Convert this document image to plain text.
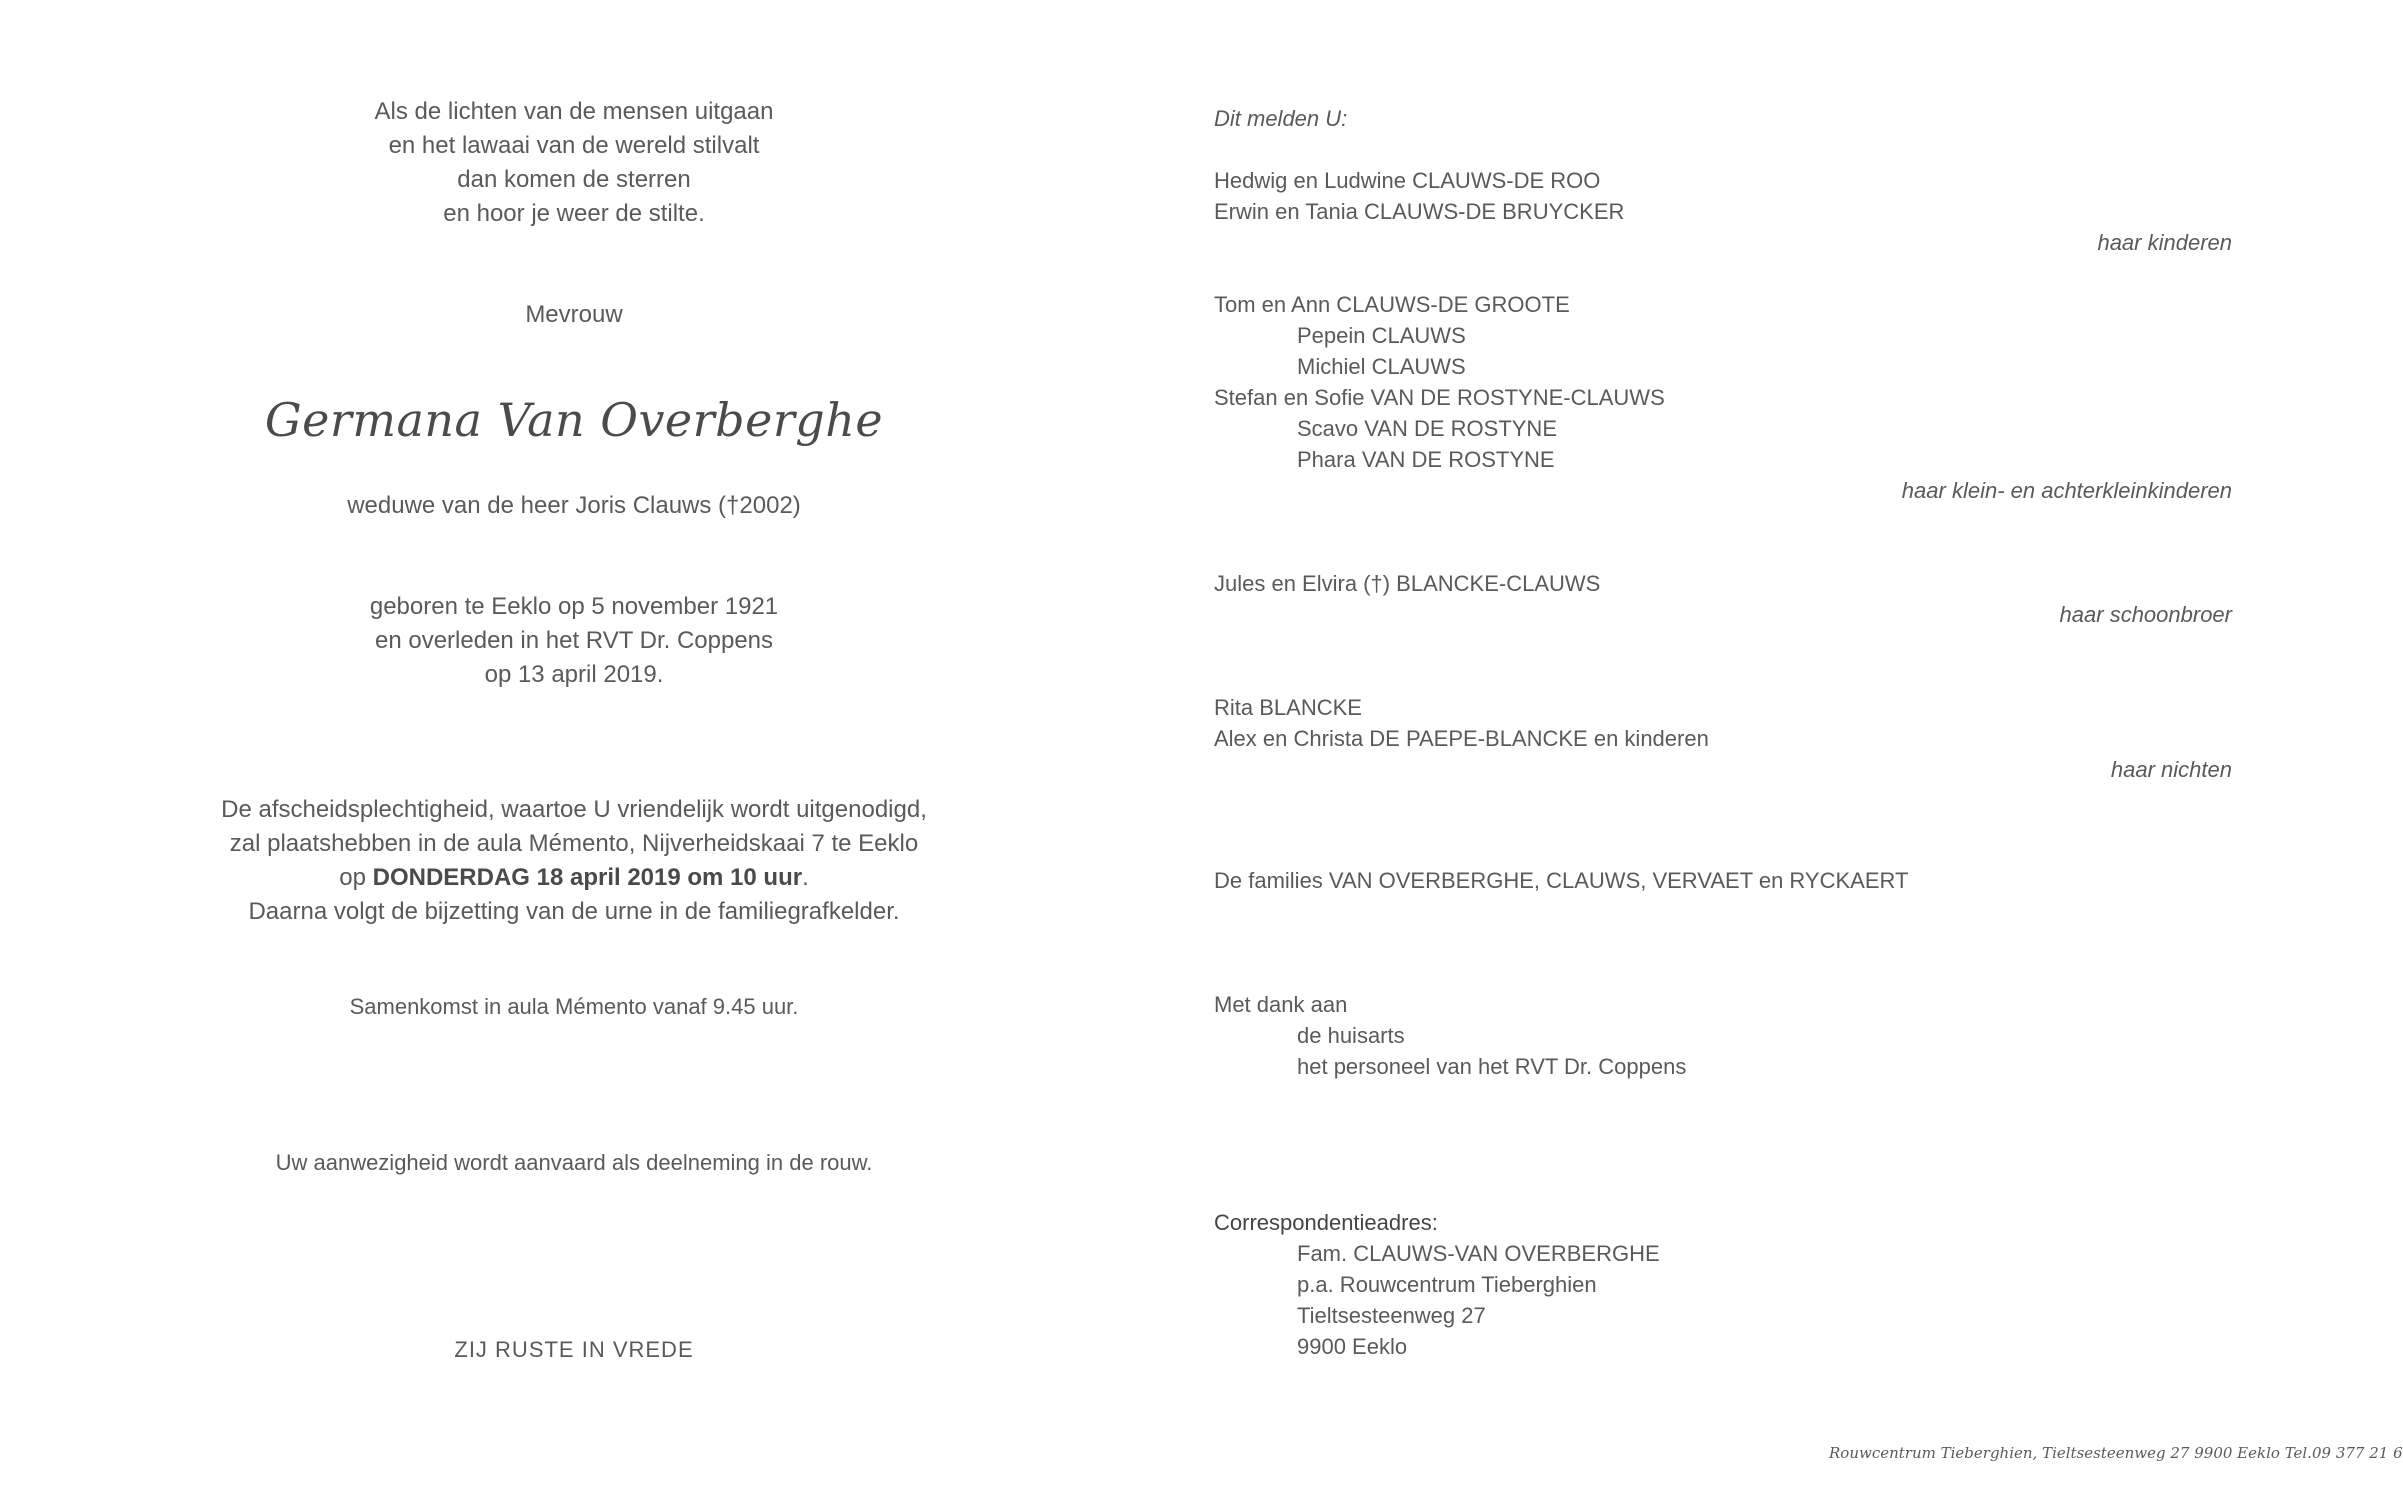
Als de lichten van de mensen uitgaan
en het lawaai van de wereld stilvalt
dan komen de sterren
en hoor je weer de stilte.
Mevrouw
Germana Van Overberghe
weduwe van de heer Joris Clauws (†2002)
geboren te Eeklo op 5 november 1921
en overleden in het RVT Dr. Coppens
op 13 april 2019.
De afscheidsplechtigheid, waartoe U vriendelijk wordt uitgenodigd,
zal plaatshebben in de aula Mémento, Nijverheidskaai 7 te Eeklo
op DONDERDAG 18 april 2019 om 10 uur.
Daarna volgt de bijzetting van de urne in de familiegrafkelder.
Samenkomst in aula Mémento vanaf 9.45 uur.
Uw aanwezigheid wordt aanvaard als deelneming in de rouw.
ZIJ RUSTE IN VREDE
Dit melden U:
Hedwig en Ludwine CLAUWS-DE ROO
Erwin en Tania CLAUWS-DE BRUYCKER
haar kinderen
Tom en Ann CLAUWS-DE GROOTE
Pepein CLAUWS
Michiel CLAUWS
Stefan en Sofie VAN DE ROSTYNE-CLAUWS
Scavo VAN DE ROSTYNE
Phara VAN DE ROSTYNE
haar klein- en achterkleinkinderen
Jules en Elvira (†) BLANCKE-CLAUWS
haar schoonbroer
Rita BLANCKE
Alex en Christa DE PAEPE-BLANCKE en kinderen
haar nichten
De families VAN OVERBERGHE, CLAUWS, VERVAET en RYCKAERT
Met dank aan
de huisarts
het personeel van het RVT Dr. Coppens
Correspondentieadres:
Fam. CLAUWS-VAN OVERBERGHE
p.a. Rouwcentrum Tieberghien
Tieltsesteenweg 27
9900 Eeklo
Rouwcentrum Tieberghien, Tieltsesteenweg 27 9900 Eeklo Tel.09 377 21 6
